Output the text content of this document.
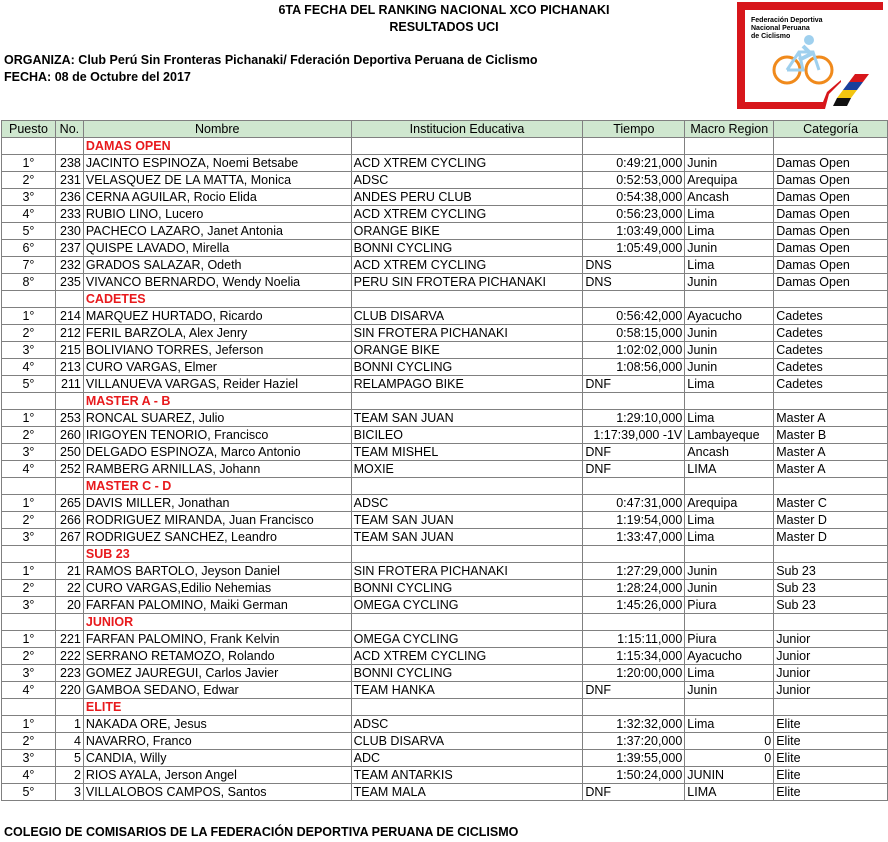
6TA FECHA DEL RANKING NACIONAL XCO PICHANAKI
RESULTADOS UCI
ORGANIZA: Club Perú Sin Fronteras Pichanaki/ Fderación Deportiva Peruana de Ciclismo
FECHA: 08 de Octubre del 2017
Federación Deportiva
Nacional Peruana
de Ciclismo
Puesto	No.	Nombre	Institucion Educativa	Tiempo	Macro Region	Categoría
		DAMAS OPEN				
1°	238	JACINTO ESPINOZA, Noemi Betsabe	ACD XTREM CYCLING	0:49:21,000	Junin	Damas Open
2°	231	VELASQUEZ DE LA MATTA, Monica	ADSC	0:52:53,000	Arequipa	Damas Open
3°	236	CERNA AGUILAR, Rocio Elida	ANDES PERU CLUB	0:54:38,000	Ancash	Damas Open
4°	233	RUBIO LINO, Lucero	ACD XTREM CYCLING	0:56:23,000	Lima	Damas Open
5°	230	PACHECO LAZARO, Janet Antonia	ORANGE BIKE	1:03:49,000	Lima	Damas Open
6°	237	QUISPE LAVADO, Mirella	BONNI CYCLING	1:05:49,000	Junin	Damas Open
7°	232	GRADOS SALAZAR, Odeth	ACD XTREM CYCLING	DNS	Lima	Damas Open
8°	235	VIVANCO BERNARDO, Wendy Noelia	PERU SIN FROTERA PICHANAKI	DNS	Junin	Damas Open
		CADETES				
1°	214	MARQUEZ HURTADO, Ricardo	CLUB DISARVA	0:56:42,000	Ayacucho	Cadetes
2°	212	FERIL BARZOLA, Alex Jenry	SIN FROTERA PICHANAKI	0:58:15,000	Junin	Cadetes
3°	215	BOLIVIANO TORRES, Jeferson	ORANGE BIKE	1:02:02,000	Junin	Cadetes
4°	213	CURO VARGAS, Elmer	BONNI CYCLING	1:08:56,000	Junin	Cadetes
5°	211	VILLANUEVA VARGAS, Reider Haziel	RELAMPAGO BIKE	DNF	Lima	Cadetes
		MASTER A - B				
1°	253	RONCAL SUAREZ, Julio	TEAM SAN JUAN	1:29:10,000	Lima	Master A
2°	260	IRIGOYEN TENORIO, Francisco	BICILEO	1:17:39,000 -1V	Lambayeque	Master B
3°	250	DELGADO ESPINOZA, Marco Antonio	TEAM MISHEL	DNF	Ancash	Master A
4°	252	RAMBERG ARNILLAS, Johann	MOXIE	DNF	LIMA	Master A
		MASTER C - D				
1°	265	DAVIS MILLER, Jonathan	ADSC	0:47:31,000	Arequipa	Master C
2°	266	RODRIGUEZ MIRANDA, Juan Francisco	TEAM SAN JUAN	1:19:54,000	Lima	Master D
3°	267	RODRIGUEZ SANCHEZ, Leandro	TEAM SAN JUAN	1:33:47,000	Lima	Master D
		SUB 23				
1°	21	RAMOS BARTOLO, Jeyson Daniel	SIN FROTERA PICHANAKI	1:27:29,000	Junin	Sub 23
2°	22	CURO VARGAS,Edilio Nehemias	BONNI CYCLING	1:28:24,000	Junin	Sub 23
3°	20	FARFAN PALOMINO, Maiki German	OMEGA CYCLING	1:45:26,000	Piura	Sub 23
		JUNIOR				
1°	221	FARFAN PALOMINO, Frank Kelvin	OMEGA CYCLING	1:15:11,000	Piura	Junior
2°	222	SERRANO RETAMOZO, Rolando	ACD XTREM CYCLING	1:15:34,000	Ayacucho	Junior
3°	223	GOMEZ JAUREGUI, Carlos Javier	BONNI CYCLING	1:20:00,000	Lima	Junior
4°	220	GAMBOA SEDANO, Edwar	TEAM HANKA	DNF	Junin	Junior
		ELITE				
1°	1	NAKADA ORE, Jesus	ADSC	1:32:32,000	Lima	Elite
2°	4	NAVARRO, Franco	CLUB DISARVA	1:37:20,000	0	Elite
3°	5	CANDIA, Willy	ADC	1:39:55,000	0	Elite
4°	2	RIOS AYALA, Jerson Angel	TEAM ANTARKIS	1:50:24,000	JUNIN	Elite
5°	3	VILLALOBOS CAMPOS, Santos	TEAM MALA	DNF	LIMA	Elite
COLEGIO DE COMISARIOS DE LA FEDERACIÓN DEPORTIVA PERUANA DE CICLISMO
